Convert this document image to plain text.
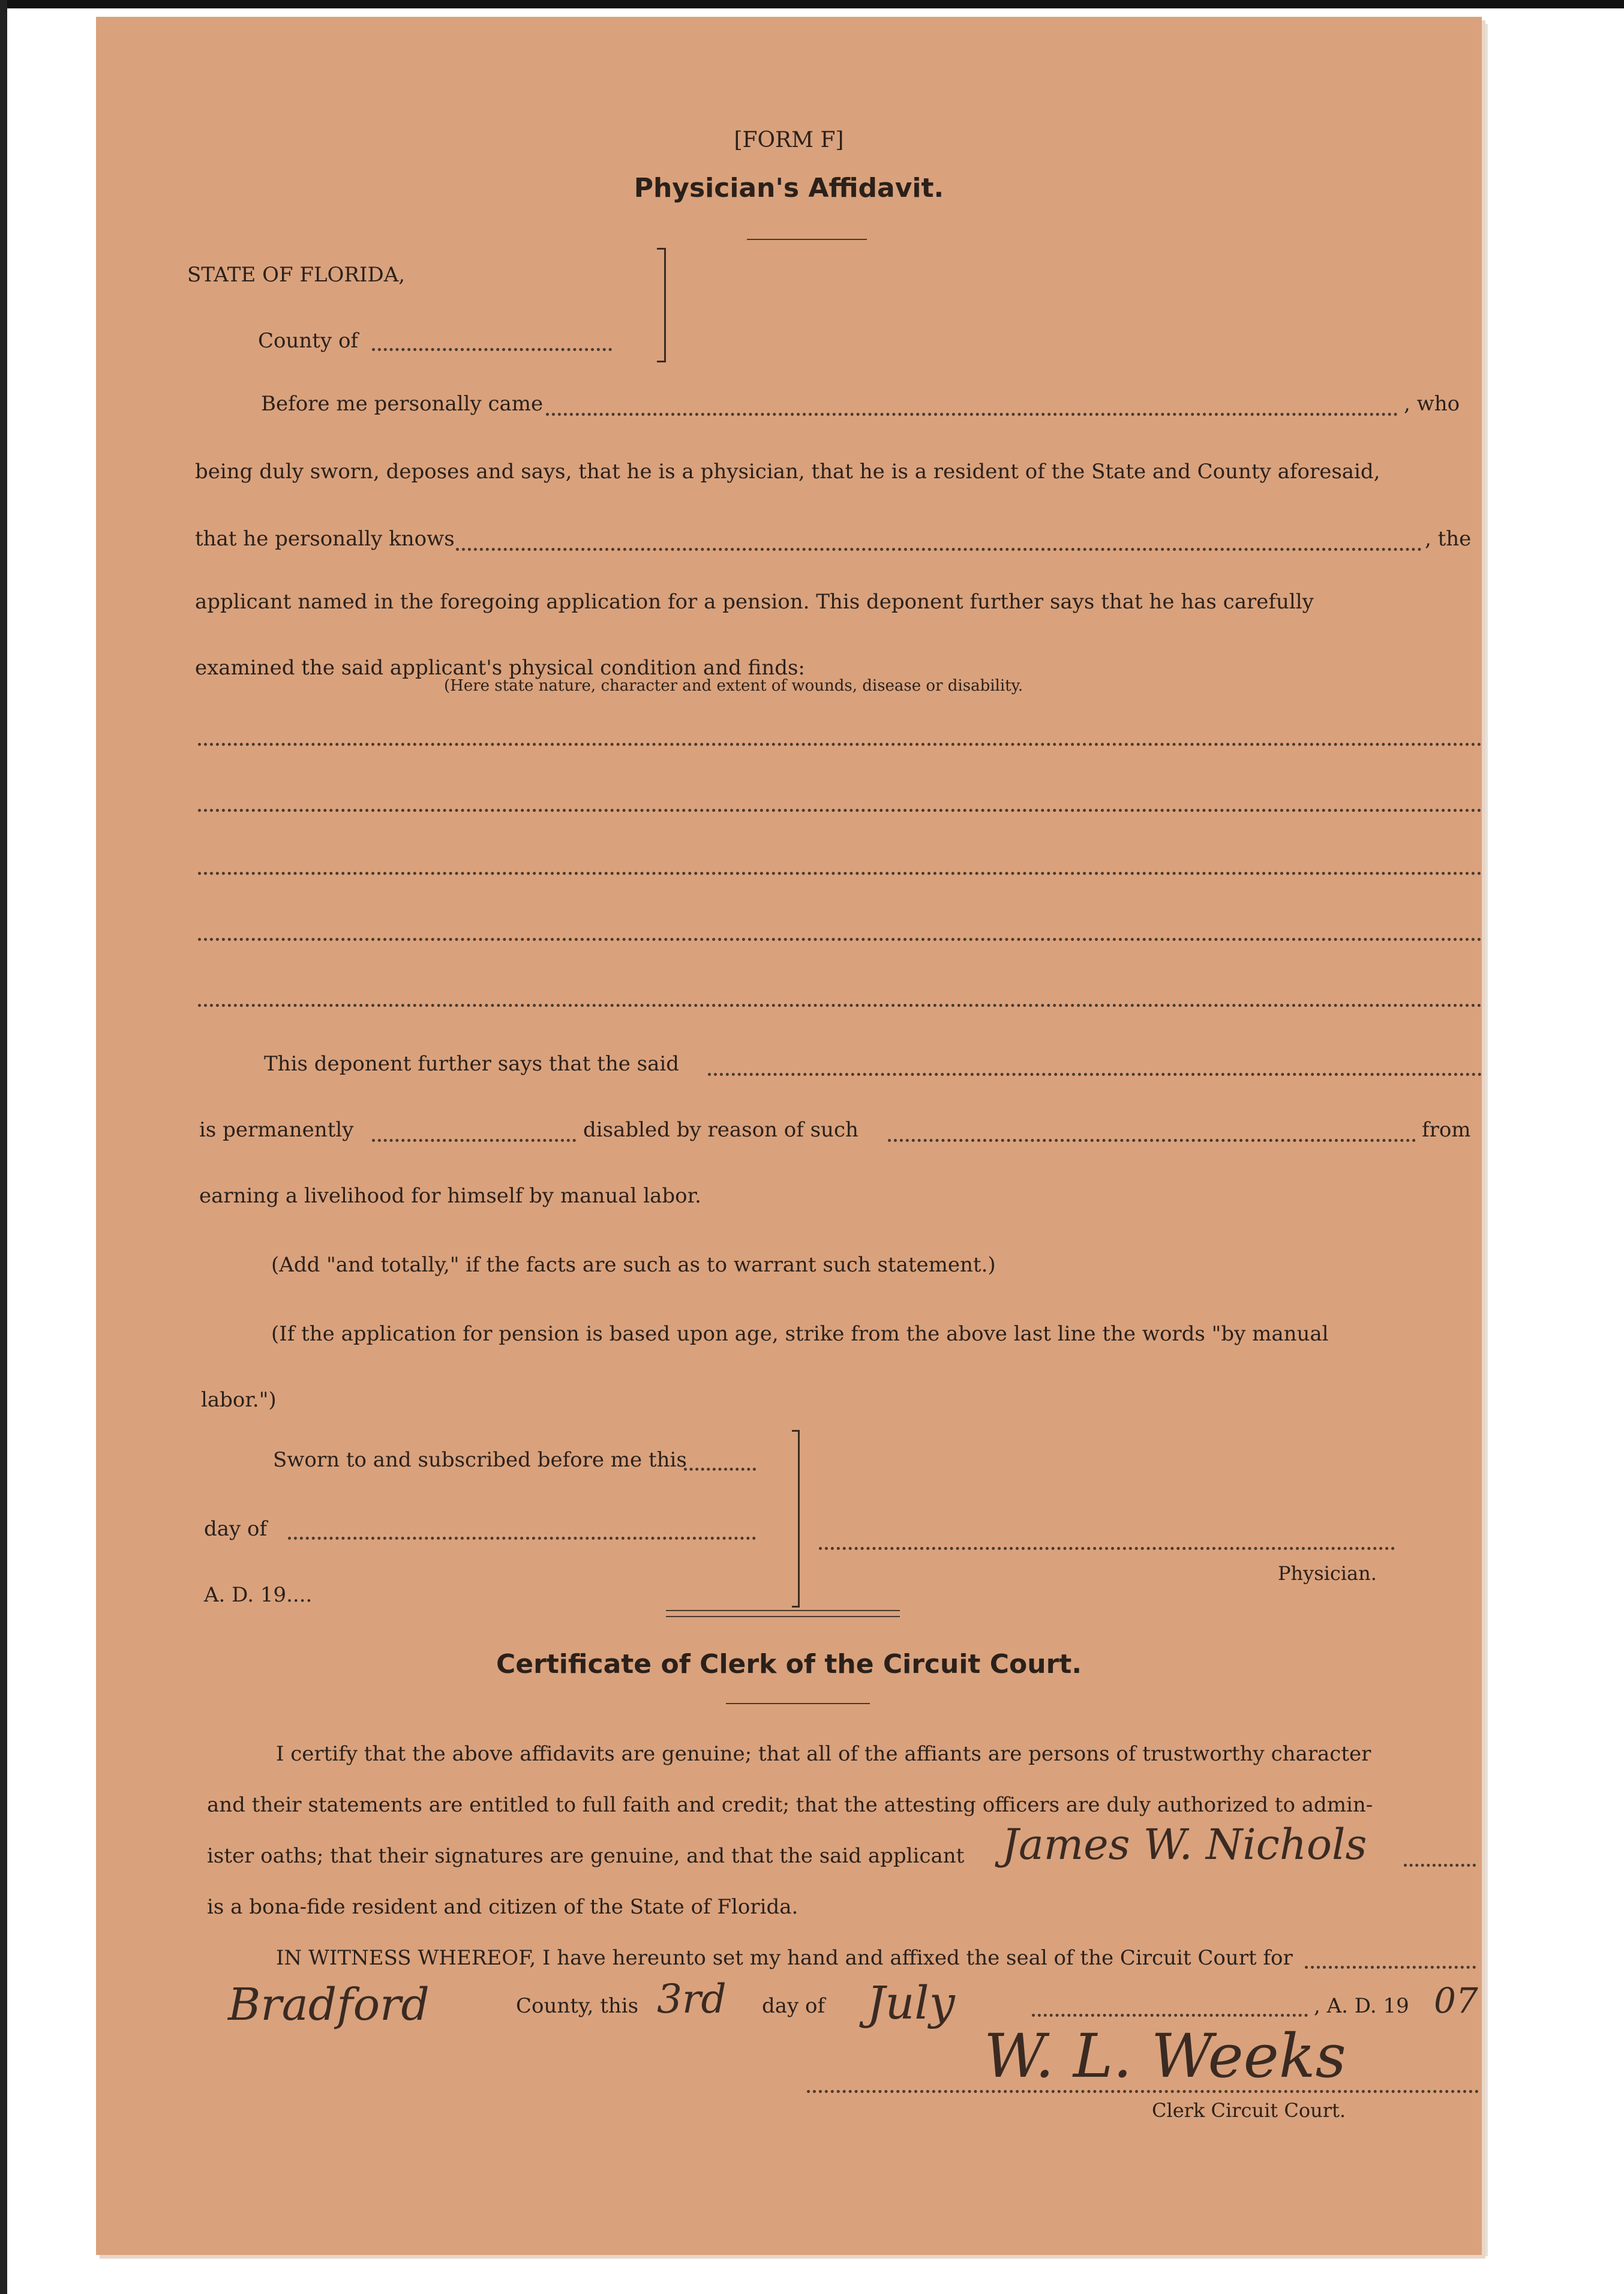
[FORM F]
Physician's Affidavit.
STATE OF FLORIDA,
County of
Before me personally came	, who
being duly sworn, deposes and says, that he is a physician, that he is a resident of the State and County aforesaid,
that he personally knows	, the
applicant named in the foregoing application for a pension. This deponent further says that he has carefully
examined the said applicant's physical condition and finds:
(Here state nature, character and extent of wounds, disease or disability.
This deponent further says that the said
is permanently	disabled by reason of such	from
earning a livelihood for himself by manual labor.
(Add "and totally," if the facts are such as to warrant such statement.)
(If the application for pension is based upon age, strike from the above last line the words "by manual
labor.")
Sworn to and subscribed before me this
day of
A. D. 19....
Physician.
Certificate of Clerk of the Circuit Court.
I certify that the above affidavits are genuine; that all of the affiants are persons of trustworthy character
and their statements are entitled to full faith and credit; that the attesting officers are duly authorized to admin-
ister oaths; that their signatures are genuine, and that the said applicant James W. Nichols
is a bona-fide resident and citizen of the State of Florida.
IN WITNESS WHEREOF, I have hereunto set my hand and affixed the seal of the Circuit Court for
Bradford	County, this 3rd day of July	, A. D. 19 07
W. L. Weeks
Clerk Circuit Court.
